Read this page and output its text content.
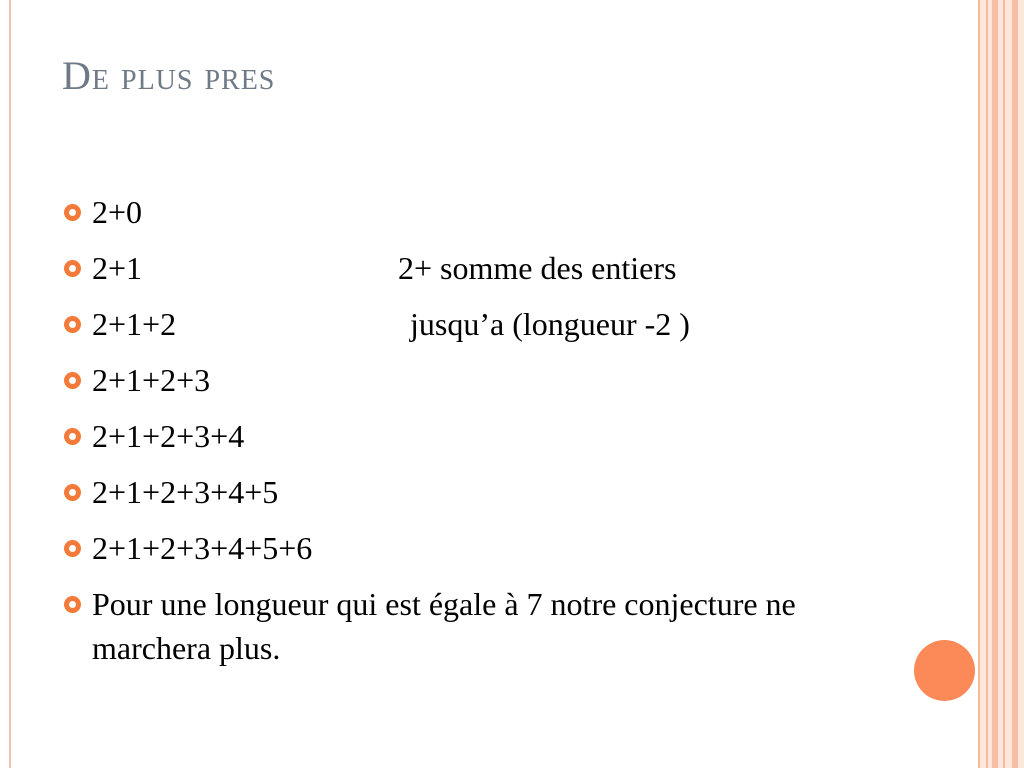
De plus pres
2+0
2+1	2+ somme des entiers
2+1+2	jusqu’a (longueur -2 )
2+1+2+3
2+1+2+3+4
2+1+2+3+4+5
2+1+2+3+4+5+6
Pour une longueur qui est égale à 7 notre conjecture ne marchera plus.
